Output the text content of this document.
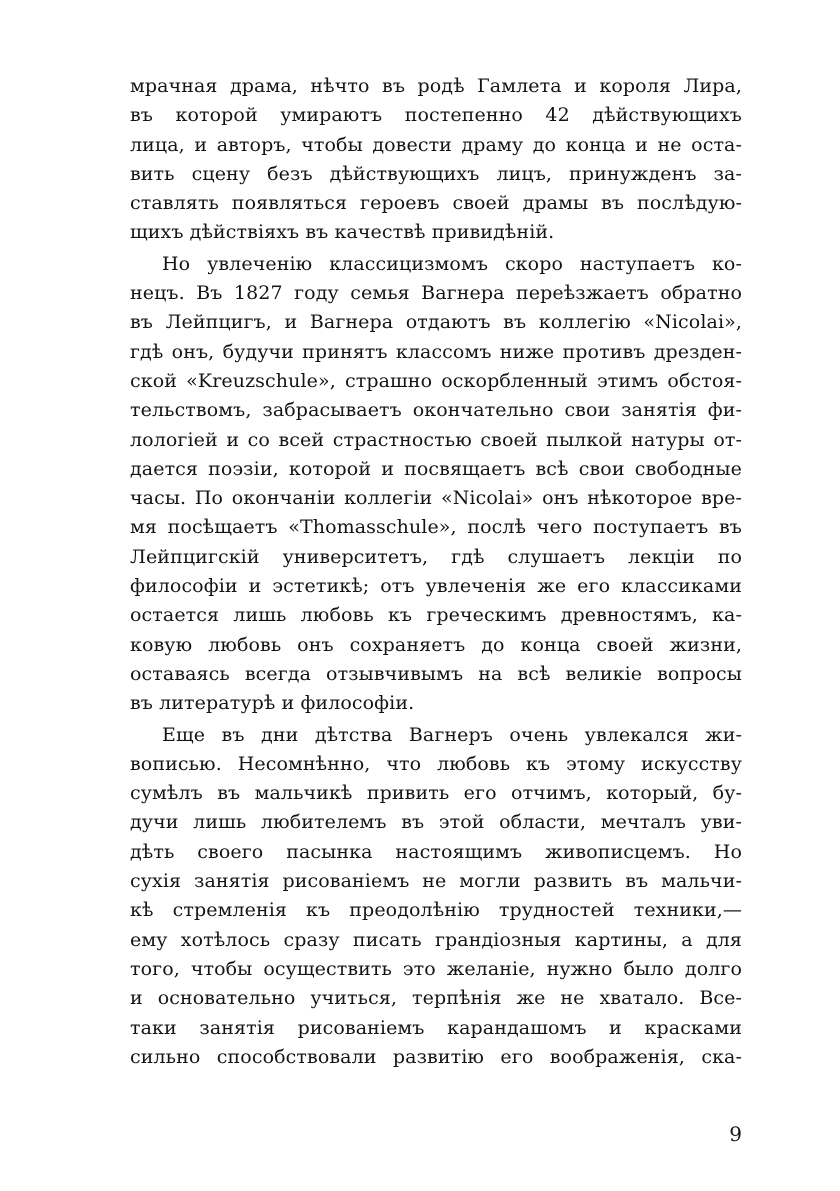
мрачная драма, нѣчто въ родѣ Гамлета и короля Лира,
въ которой умираютъ постепенно 42 дѣйствующихъ
лица, и авторъ, чтобы довести драму до конца и не оста-
вить сцену безъ дѣйствующихъ лицъ, принужденъ за-
ставлять появляться героевъ своей драмы въ послѣдую-
щихъ дѣйствiяхъ въ качествѣ привидѣнiй.
Но увлеченiю классицизмомъ скоро наступаетъ ко-
нецъ. Въ 1827 году семья Вагнера переѣзжаетъ обратно
въ Лейпцигъ, и Вагнера отдаютъ въ коллегiю «Nicolai»,
гдѣ онъ, будучи принятъ классомъ ниже противъ дрезден-
ской «Kreuzschule», страшно оскорбленный этимъ обстоя-
тельствомъ, забрасываетъ окончательно свои занятiя фи-
лологiей и со всей страстностью своей пылкой натуры от-
дается поэзiи, которой и посвящаетъ всѣ свои свободные
часы. По окончанiи коллегiи «Nicolai» онъ нѣкоторое вре-
мя посѣщаетъ «Thomasschule», послѣ чего поступаетъ въ
Лейпцигскiй университетъ, гдѣ слушаетъ лекцiи по
философiи и эстетикѣ; отъ увлеченiя же его классиками
остается лишь любовь къ греческимъ древностямъ, ка-
ковую любовь онъ сохраняетъ до конца своей жизни,
оставаясь всегда отзывчивымъ на всѣ великiе вопросы
въ литературѣ и философiи.
Еще въ дни дѣтства Вагнеръ очень увлекался жи-
вописью. Несомнѣнно, что любовь къ этому искусству
сумѣлъ въ мальчикѣ привить его отчимъ, который, бу-
дучи лишь любителемъ въ этой области, мечталъ уви-
дѣть своего пасынка настоящимъ живописцемъ. Но
сухiя занятiя рисованiемъ не могли развить въ мальчи-
кѣ стремленiя къ преодолѣнiю трудностей техники,—
ему хотѣлось сразу писать грандiозныя картины, а для
того, чтобы осуществить это желанiе, нужно было долго
и основательно учиться, терпѣнiя же не хватало. Все-
таки занятiя рисованiемъ карандашомъ и красками
сильно способствовали развитiю его воображенiя, ска-
9
